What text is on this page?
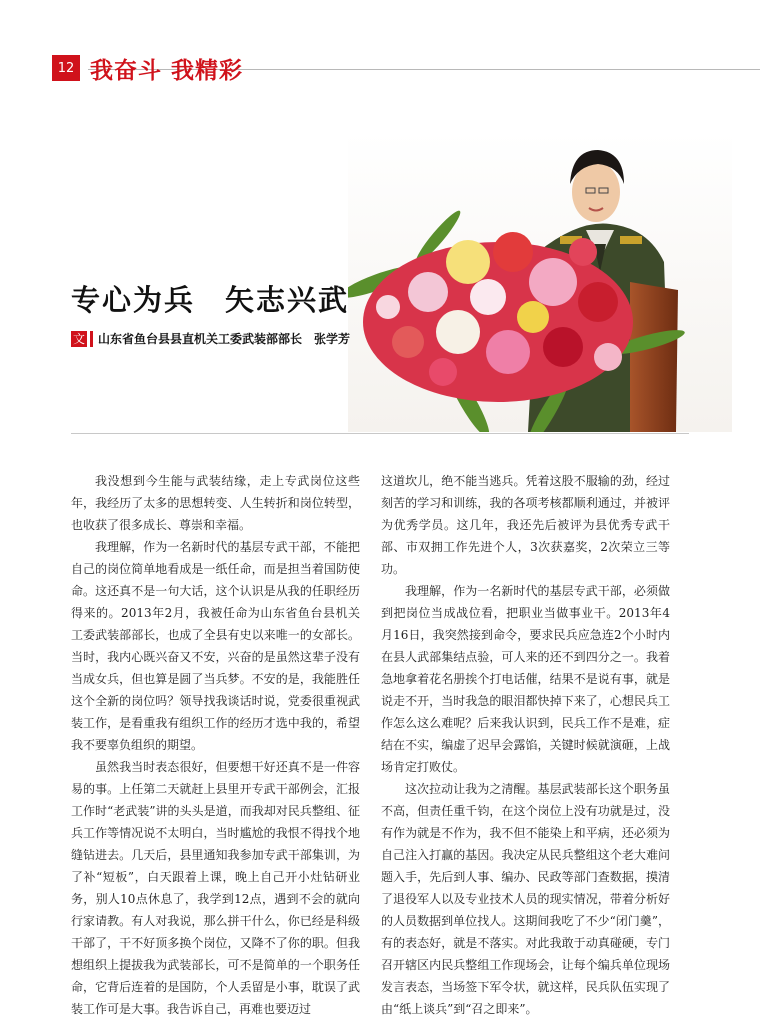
12 我奋斗 我精彩
专心为兵 矢志兴武
文 山东省鱼台县县直机关工委武装部部长　张学芳

我没想到今生能与武装结缘，走上专武岗位这些年，我经历了太多的思想转变、人生转折和岗位转型，也收获了很多成长、尊崇和幸福。

我理解，作为一名新时代的基层专武干部，不能把自己的岗位简单地看成是一纸任命，而是担当着国防使命。这还真不是一句大话，这个认识是从我的任职经历得来的。2013年2月，我被任命为山东省鱼台县机关工委武装部部长，也成了全县有史以来唯一的女部长。当时，我内心既兴奋又不安，兴奋的是虽然这辈子没有当成女兵，但也算是圆了当兵梦。不安的是，我能胜任这个全新的岗位吗？领导找我谈话时说，党委很重视武装工作，是看重我有组织工作的经历才选中我的，希望我不要辜负组织的期望。

虽然我当时表态很好，但要想干好还真不是一件容易的事。上任第二天就赶上县里开专武干部例会，汇报工作时“老武装”讲的头头是道，而我却对民兵整组、征兵工作等情况说不太明白，当时尴尬的我恨不得找个地缝钻进去。几天后，县里通知我参加专武干部集训，为了补“短板”，白天跟着上课，晚上自己开小灶钻研业务，别人10点休息了，我学到12点，遇到不会的就向行家请教。有人对我说，那么拼干什么，你已经是科级干部了，干不好顶多换个岗位，又降不了你的职。但我想组织上提拔我为武装部长，可不是简单的一个职务任命，它背后连着的是国防，个人丢留是小事，耽误了武装工作可是大事。我告诉自己，再难也要迈过

这道坎儿，绝不能当逃兵。凭着这股不服输的劲，经过刻苦的学习和训练，我的各项考核都顺利通过，并被评为优秀学员。这几年，我还先后被评为县优秀专武干部、市双拥工作先进个人，3次获嘉奖，2次荣立三等功。

我理解，作为一名新时代的基层专武干部，必须做到把岗位当成战位看，把职业当做事业干。2013年4月16日，我突然接到命令，要求民兵应急连2个小时内在县人武部集结点验，可人来的还不到四分之一。我着急地拿着花名册挨个打电话催，结果不是说有事，就是说走不开，当时我急的眼泪都快掉下来了，心想民兵工作怎么这么难呢？后来我认识到，民兵工作不是难，症结在不实，编虚了迟早会露馅，关键时候就演砸，上战场肯定打败仗。

这次拉动让我为之清醒。基层武装部长这个职务虽不高，但责任重千钧，在这个岗位上没有功就是过，没有作为就是不作为，我不但不能染上和平病，还必须为自己注入打赢的基因。我决定从民兵整组这个老大难问题入手，先后到人事、编办、民政等部门查数据，摸清了退役军人以及专业技术人员的现实情况，带着分析好的人员数据到单位找人。这期间我吃了不少“闭门羹”，有的表态好，就是不落实。对此我敢于动真碰硬，专门召开辖区内民兵整组工作现场会，让每个编兵单位现场发言表态，当场签下军令状，就这样，民兵队伍实现了由“纸上谈兵”到“召之即来”。
